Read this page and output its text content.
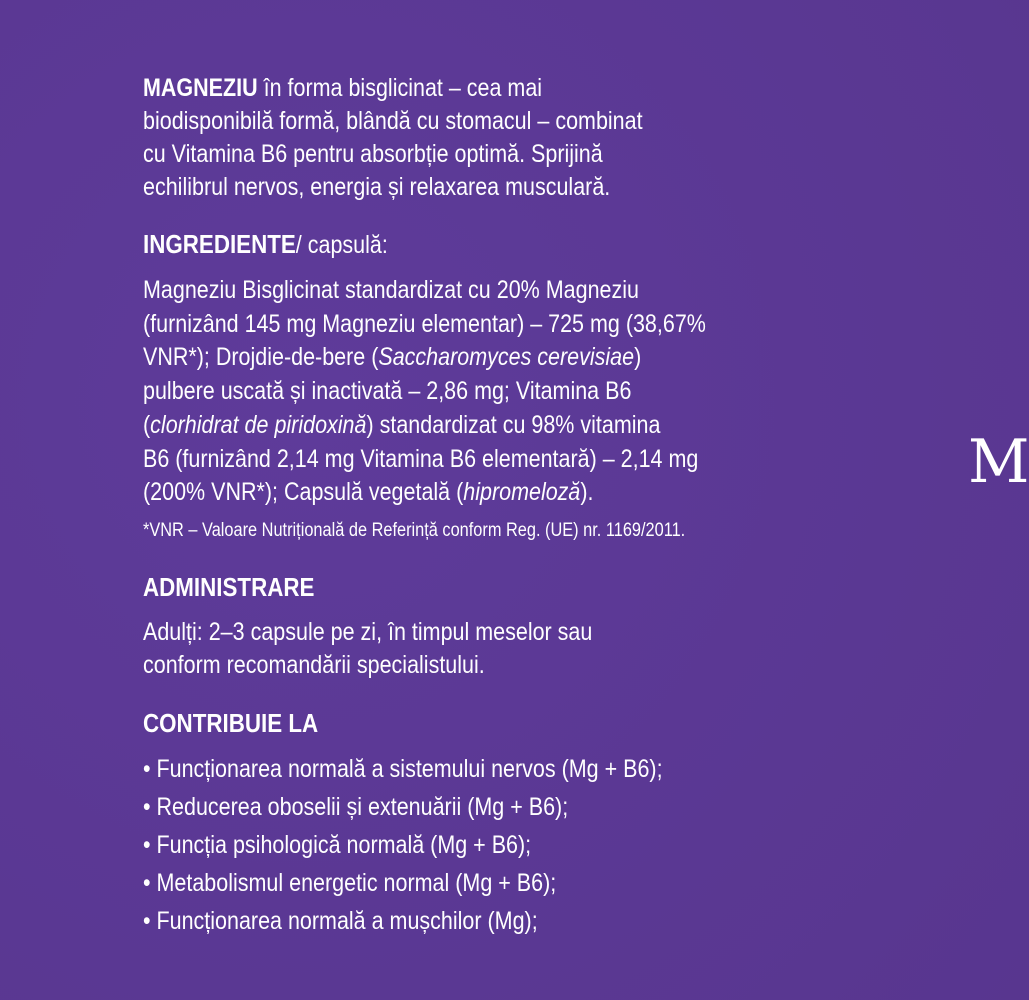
MAGNEZIU în forma bisglicinat – cea mai
biodisponibilă formă, blândă cu stomacul – combinat
cu Vitamina B6 pentru absorbție optimă. Sprijină
echilibrul nervos, energia și relaxarea musculară.
INGREDIENTE/ capsulă:
Magneziu Bisglicinat standardizat cu 20% Magneziu
(furnizând 145 mg Magneziu elementar) – 725 mg (38,67%
VNR*); Drojdie-de-bere (Saccharomyces cerevisiae)
pulbere uscată și inactivată – 2,86 mg; Vitamina B6
(clorhidrat de piridoxină) standardizat cu 98% vitamina
B6 (furnizând 2,14 mg Vitamina B6 elementară) – 2,14 mg
(200% VNR*); Capsulă vegetală (hipromeloză).
*VNR – Valoare Nutrițională de Referință conform Reg. (UE) nr. 1169/2011.
ADMINISTRARE
Adulți: 2–3 capsule pe zi, în timpul meselor sau
conform recomandării specialistului.
CONTRIBUIE LA
• Funcționarea normală a sistemului nervos (Mg + B6);
• Reducerea oboselii și extenuării (Mg + B6);
• Funcția psihologică normală (Mg + B6);
• Metabolismul energetic normal (Mg + B6);
• Funcționarea normală a mușchilor (Mg);
M
